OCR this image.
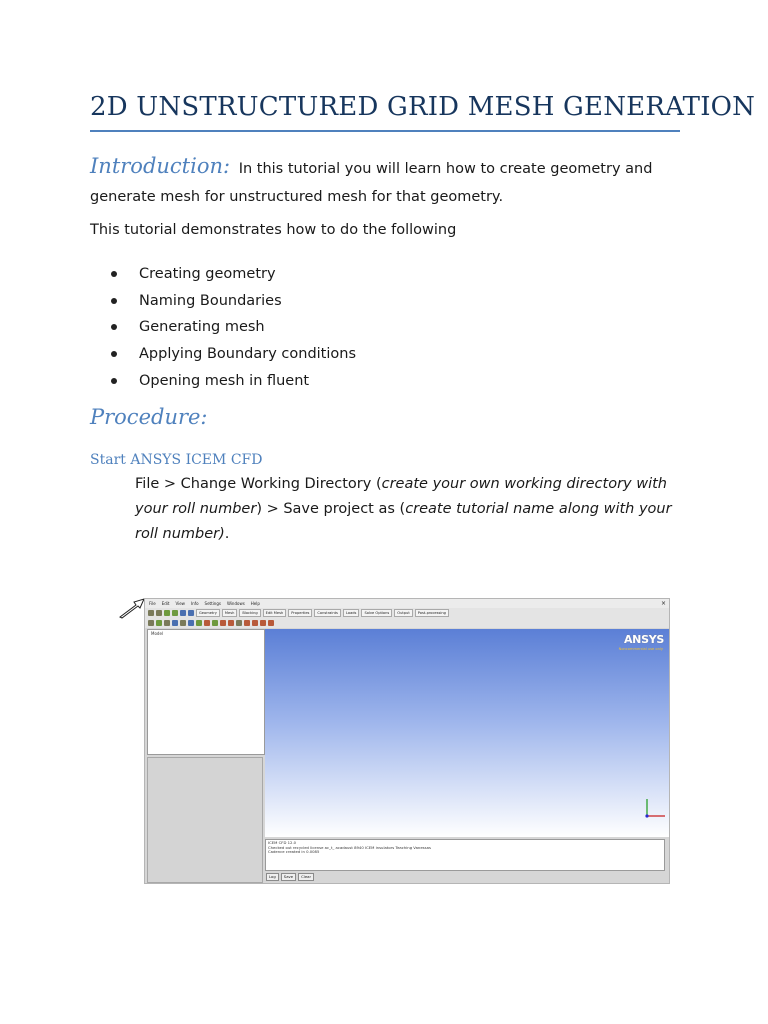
2D UNSTRUCTURED GRID MESH GENERATION
Introduction: In this tutorial you will learn how to create geometry and generate mesh for unstructured mesh for that geometry.
This tutorial demonstrates how to do the following
Creating geometry
Naming Boundaries
Generating mesh
Applying Boundary conditions
Opening mesh in fluent
Procedure:
Start ANSYS ICEM CFD
File > Change Working Directory (create your own working directory with your roll number) > Save project as (create tutorial name along with your roll number).
File Edit View Info Settings Windows Help	×
Geometry	Mesh	Blocking	Edit Mesh	Properties	Constraints	Loads	Solve Options	Output	Post-processing
Model	ANSYS
Noncommercial use only
ICEM CFD 12.0
Checked out recycled license ac_t_ acadaust 8940 ICEM insulators Teaching Vanessas
Cadence created in 0.0085
Log	Save	Clear
